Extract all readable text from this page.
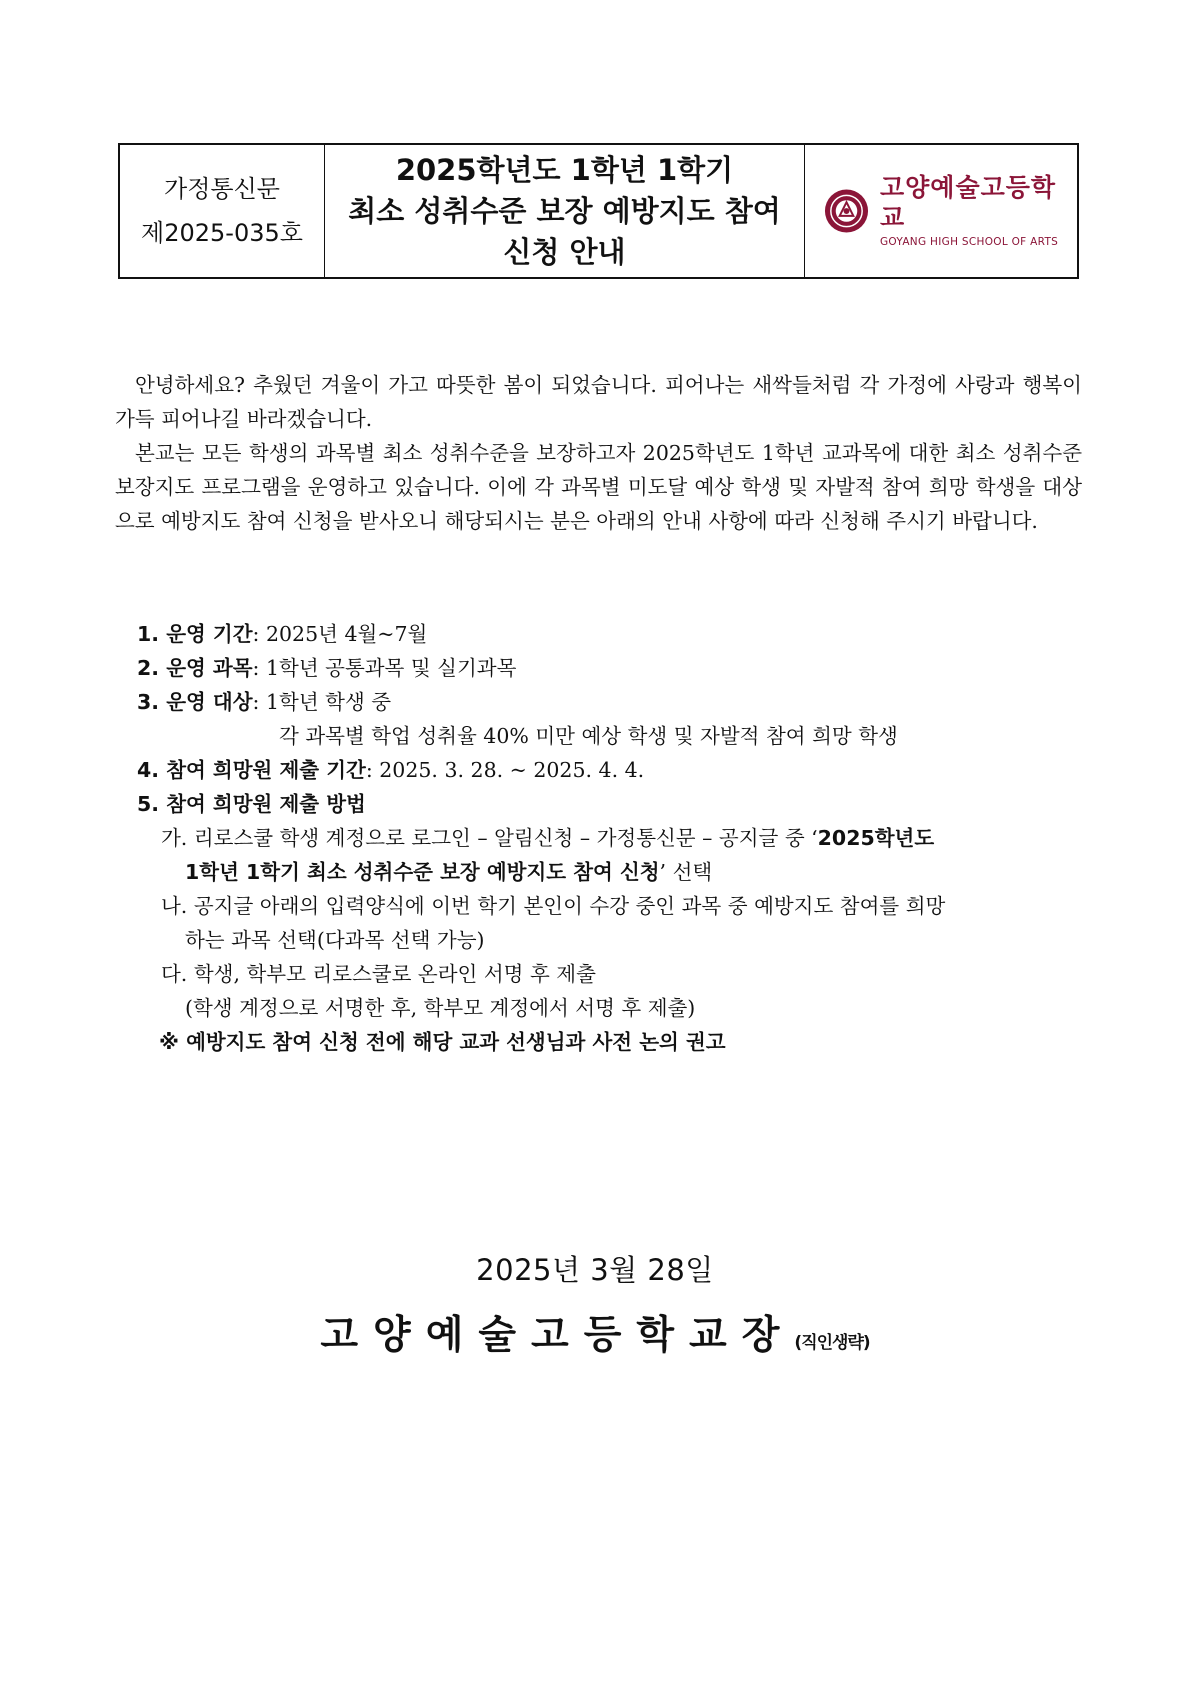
가정통신문
제2025-035호
2025학년도 1학년 1학기
최소 성취수준 보장 예방지도 참여
신청 안내
고양예술고등학교
GOYANG HIGH SCHOOL OF ARTS

안녕하세요? 추웠던 겨울이 가고 따뜻한 봄이 되었습니다. 피어나는 새싹들처럼 각 가정에 사랑과 행복이 가득 피어나길 바라겠습니다.

본교는 모든 학생의 과목별 최소 성취수준을 보장하고자 2025학년도 1학년 교과목에 대한 최소 성취수준 보장지도 프로그램을 운영하고 있습니다. 이에 각 과목별 미도달 예상 학생 및 자발적 참여 희망 학생을 대상으로 예방지도 참여 신청을 받사오니 해당되시는 분은 아래의 안내 사항에 따라 신청해 주시기 바랍니다.

1. 운영 기간: 2025년 4월~7월
2. 운영 과목: 1학년 공통과목 및 실기과목
3. 운영 대상: 1학년 학생 중
각 과목별 학업 성취율 40% 미만 예상 학생 및 자발적 참여 희망 학생
4. 참여 희망원 제출 기간: 2025. 3. 28. ~ 2025. 4. 4.
5. 참여 희망원 제출 방법
가. 리로스쿨 학생 계정으로 로그인 – 알림신청 – 가정통신문 – 공지글 중 ‘2025학년도
1학년 1학기 최소 성취수준 보장 예방지도 참여 신청’ 선택
나. 공지글 아래의 입력양식에 이번 학기 본인이 수강 중인 과목 중 예방지도 참여를 희망
하는 과목 선택(다과목 선택 가능)
다. 학생, 학부모 리로스쿨로 온라인 서명 후 제출
(학생 계정으로 서명한 후, 학부모 계정에서 서명 후 제출)
※ 예방지도 참여 신청 전에 해당 교과 선생님과 사전 논의 권고
2025년 3월 28일
고양예술고등학교장(직인생략)
